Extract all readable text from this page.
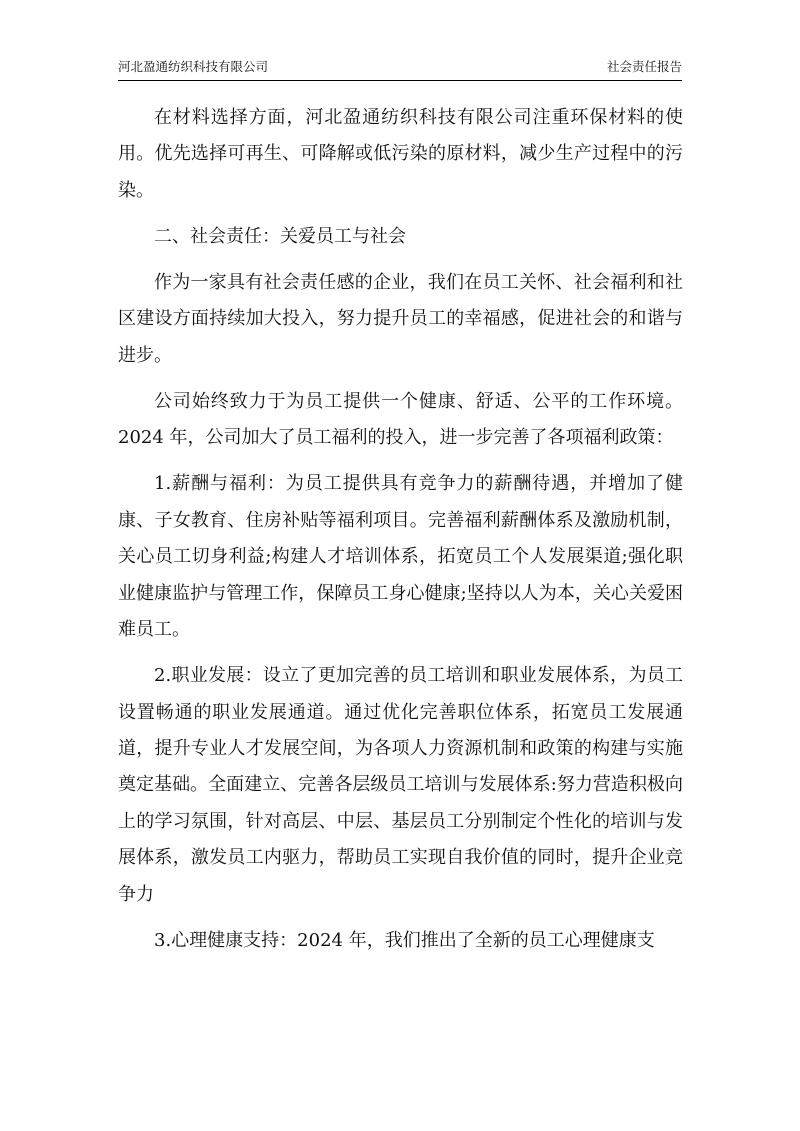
河北盈通纺织科技有限公司	社会责任报告

在材料选择方面，河北盈通纺织科技有限公司注重环保材料的使用。优先选择可再生、可降解或低污染的原材料，减少生产过程中的污染。

二、社会责任：关爱员工与社会

作为一家具有社会责任感的企业，我们在员工关怀、社会福利和社区建设方面持续加大投入，努力提升员工的幸福感，促进社会的和谐与进步。

公司始终致力于为员工提供一个健康、舒适、公平的工作环境。2024 年，公司加大了员工福利的投入，进一步完善了各项福利政策：

1.薪酬与福利：为员工提供具有竞争力的薪酬待遇，并增加了健康、子女教育、住房补贴等福利项目。完善福利薪酬体系及激励机制，关心员工切身利益;构建人才培训体系，拓宽员工个人发展渠道;强化职业健康监护与管理工作，保障员工身心健康;坚持以人为本，关心关爱困难员工。

2.职业发展：设立了更加完善的员工培训和职业发展体系，为员工设置畅通的职业发展通道。通过优化完善职位体系，拓宽员工发展通道，提升专业人才发展空间，为各项人力资源机制和政策的构建与实施奠定基础。全面建立、完善各层级员工培训与发展体系:努力营造积极向上的学习氛围，针对高层、中层、基层员工分别制定个性化的培训与发展体系，激发员工内驱力，帮助员工实现自我价值的同时，提升企业竞争力

3.心理健康支持：2024 年，我们推出了全新的员工心理健康支
